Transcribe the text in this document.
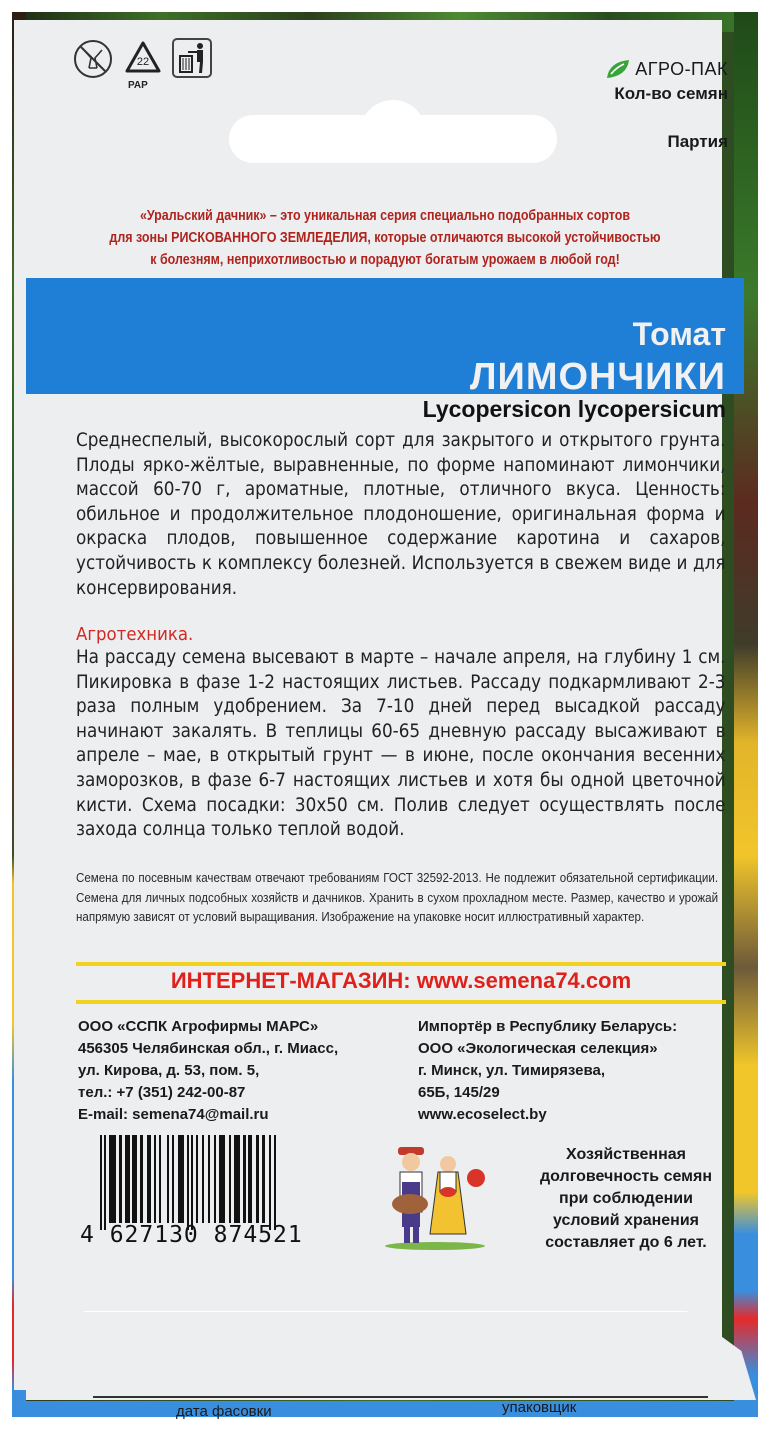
22
PAP
АГРО-ПАК
Кол-во семян
Партия
«Уральский дачник» – это уникальная серия специально подобранных сортов
для зоны РИСКОВАННОГО ЗЕМЛЕДЕЛИЯ, которые отличаются высокой устойчивостью
к болезням, неприхотливостью и порадуют богатым урожаем в любой год!
Томат
ЛИМОНЧИКИ
Lycopersicon lycopersicum
Среднеспелый, высокорослый сорт для закрытого и открытого грунта. Плоды ярко-жёлтые, выравненные, по форме напоминают лимончики, массой 60-70 г, ароматные, плотные, отличного вкуса. Ценность: обильное и продолжительное плодоношение, оригинальная форма и окраска плодов, повышенное содержание каротина и сахаров, устойчивость к комплексу болезней. Используется в свежем виде и для консервирования.
Агротехника.
На рассаду семена высевают в марте – начале апреля, на глубину 1 см. Пикировка в фазе 1-2 настоящих листьев. Рассаду подкармливают 2-3 раза полным удобрением. За 7-10 дней перед высадкой рассаду начинают закалять. В теплицы 60-65 дневную рассаду высаживают в апреле – мае, в открытый грунт — в июне, после окончания весенних заморозков, в фазе 6-7 настоящих листьев и хотя бы одной цветочной кисти. Схема посадки: 30х50 см. Полив следует осуществлять после захода солнца только теплой водой.
Семена по посевным качествам отвечают требованиям ГОСТ 32592-2013. Не подлежит обязательной сертификации. Семена для личных подсобных хозяйств и дачников. Хранить в сухом прохладном месте. Размер, качество и урожай напрямую зависят от условий выращивания. Изображение на упаковке носит иллюстративный характер.
ИНТЕРНЕТ-МАГАЗИН: www.semena74.com
ООО «ССПК Агрофирмы МАРС»
456305 Челябинская обл., г. Миасс,
ул. Кирова, д. 53, пом. 5,
тел.: +7 (351) 242-00-87
E-mail: semena74@mail.ru
Импортёр в Республику Беларусь:
ООО «Экологическая селекция»
г. Минск, ул. Тимирязева,
65Б, 145/29
www.ecoselect.by
4 627130 874521
Хозяйственная
долговечность семян
при соблюдении
условий хранения
составляет до 6 лет.
дата фасовки	упаковщик
